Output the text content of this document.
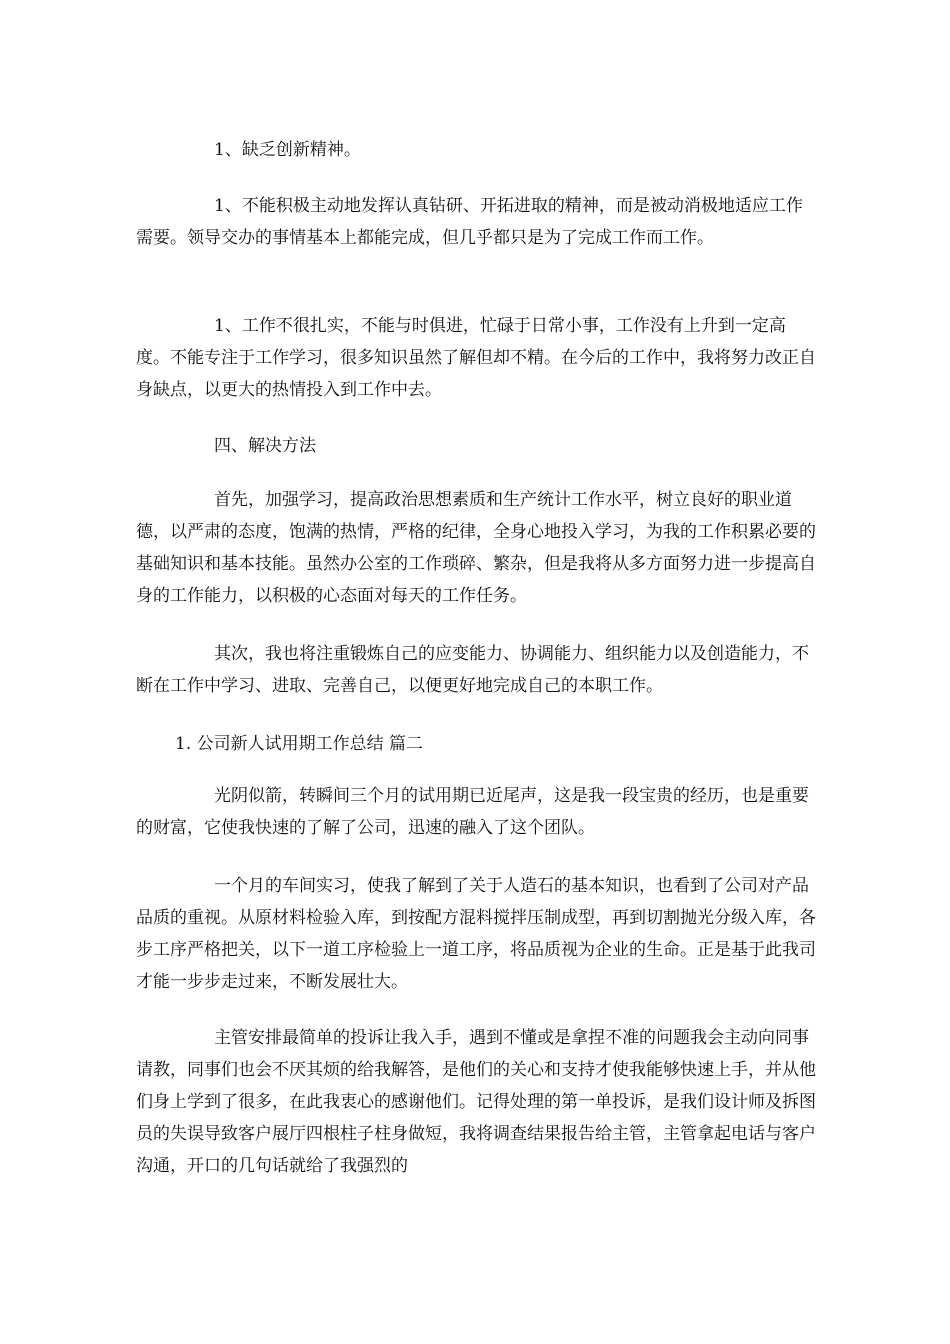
1、缺乏创新精神。

1、不能积极主动地发挥认真钻研、开拓进取的精神，而是被动消极地适应工作需要。领导交办的事情基本上都能完成，但几乎都只是为了完成工作而工作。

1、工作不很扎实，不能与时俱进，忙碌于日常小事，工作没有上升到一定高度。不能专注于工作学习，很多知识虽然了解但却不精。在今后的工作中，我将努力改正自身缺点，以更大的热情投入到工作中去。

四、解决方法

首先，加强学习，提高政治思想素质和生产统计工作水平，树立良好的职业道德，以严肃的态度，饱满的热情，严格的纪律，全身心地投入学习，为我的工作积累必要的基础知识和基本技能。虽然办公室的工作琐碎、繁杂，但是我将从多方面努力进一步提高自身的工作能力，以积极的心态面对每天的工作任务。

其次，我也将注重锻炼自己的应变能力、协调能力、组织能力以及创造能力，不断在工作中学习、进取、完善自己，以便更好地完成自己的本职工作。

1. 公司新人试用期工作总结 篇二

光阴似箭，转瞬间三个月的试用期已近尾声，这是我一段宝贵的经历，也是重要的财富，它使我快速的了解了公司，迅速的融入了这个团队。

一个月的车间实习，使我了解到了关于人造石的基本知识，也看到了公司对产品品质的重视。从原材料检验入库，到按配方混料搅拌压制成型，再到切割抛光分级入库，各步工序严格把关，以下一道工序检验上一道工序，将品质视为企业的生命。正是基于此我司才能一步步走过来，不断发展壮大。

主管安排最简单的投诉让我入手，遇到不懂或是拿捏不准的问题我会主动向同事请教，同事们也会不厌其烦的给我解答，是他们的关心和支持才使我能够快速上手，并从他们身上学到了很多，在此我衷心的感谢他们。记得处理的第一单投诉，是我们设计师及拆图员的失误导致客户展厅四根柱子柱身做短，我将调查结果报告给主管，主管拿起电话与客户沟通，开口的几句话就给了我强烈的
